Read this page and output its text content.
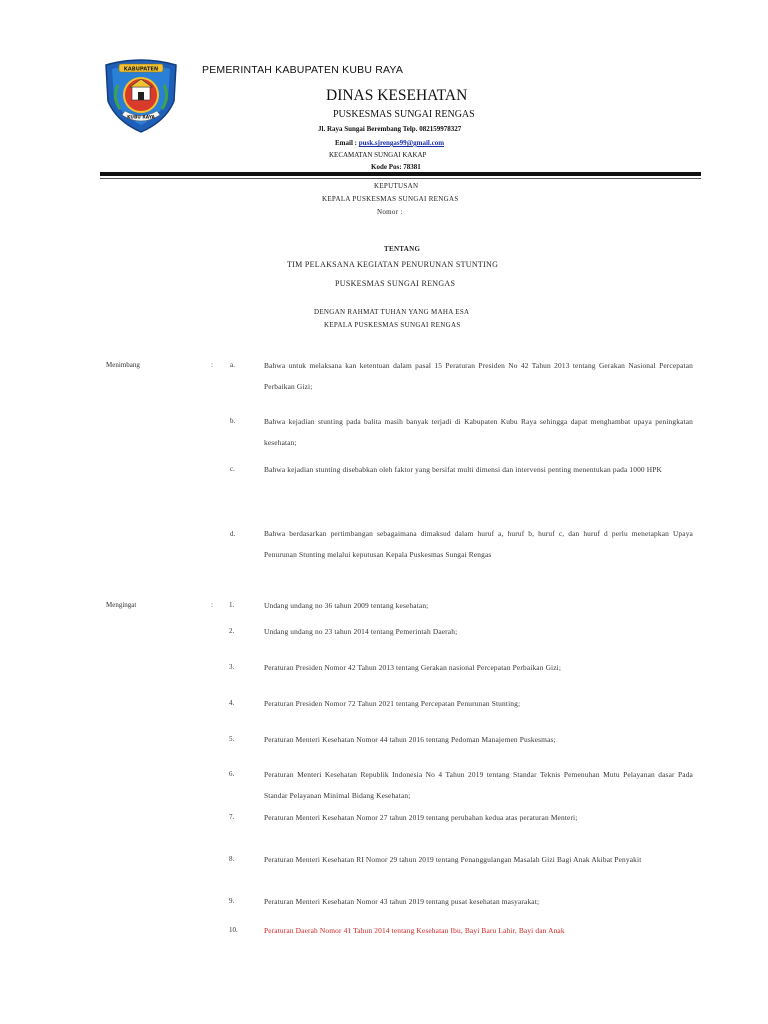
KABUPATEN
KUBU RAYA
PEMERINTAH KABUPATEN KUBU RAYA
DINAS KESEHATAN
PUSKESMAS SUNGAI RENGAS
Jl. Raya Sungai Berembang Telp. 082159978327
Email : pusk.sjrengas99@gmail.com
KECAMATAN SUNGAI KAKAP
Kode Pos: 78381
KEPUTUSAN
KEPALA PUSKESMAS SUNGAI RENGAS
Nomor :
TENTANG
TIM PELAKSANA KEGIATAN PENURUNAN STUNTING
PUSKESMAS SUNGAI RENGAS
DENGAN RAHMAT TUHAN YANG MAHA ESA
KEPALA PUSKESMAS SUNGAI RENGAS
Menimbang	: a.	Bahwa untuk melaksana kan ketentuan dalam pasal 15 Peraturan Presiden No 42 Tahun 2013 tentang Gerakan Nasional Percepatan Perbaikan Gizi;
b.	Bahwa kejadian stunting pada balita masih banyak terjadi di Kabupaten Kubu Raya sehingga dapat menghambat upaya peningkatan kesehatan;
c.	Bahwa kejadian stunting disebabkan oleh faktor yang bersifat multi dimensi dan intervensi penting menentukan pada 1000 HPK
d.	Bahwa berdasarkan pertimbangan sebagaimana dimaksud dalam huruf a, huruf b, huruf c, dan huruf d perlu menetapkan Upaya Penurunan Stunting melalui keputusan Kepala Puskesmas Sungai Rengas
Mengingat	: 1.	Undang undang no 36 tahun 2009 tentang kesehatan;
2.	Undang undang no 23 tahun 2014 tentang Pemerintah Daerah;
3.	Peraturan Presiden Nomor 42 Tahun 2013 tentang Gerakan nasional Percepatan Perbaikan Gizi;
4.	Peraturan Presiden Nomor 72 Tahun 2021 tentang Percepatan Penurunan Stunting;
5.	Peraturan Menteri Kesehatan Nomor 44 tahun 2016 tentang Pedoman Manajemen Puskesmas;
6.	Peraturan Menteri Kesehatan Republik Indonesia No 4 Tahun 2019 tentang Standar Teknis Pemenuhan Mutu Pelayanan dasar Pada Standar Pelayanan Minimal Bidang Kesehatan;
7.	Peraturan Menteri Kesehatan Nomor 27 tahun 2019 tentang perubahan kedua atas peraturan Menteri;
8.	Peraturan Menteri Kesehatan RI Nomor 29 tahun 2019 tentang Penanggulangan Masalah Gizi Bagi Anak Akibat Penyakit
9.	Peraturan Menteri Kesehatan Nomor 43 tahun 2019 tentang pusat kesehatan masyarakat;
10.	Peraturan Daerah Nomor 41 Tahun 2014 tentang Kesehatan Ibu, Bayi Baru Lahir, Bayi dan Anak
